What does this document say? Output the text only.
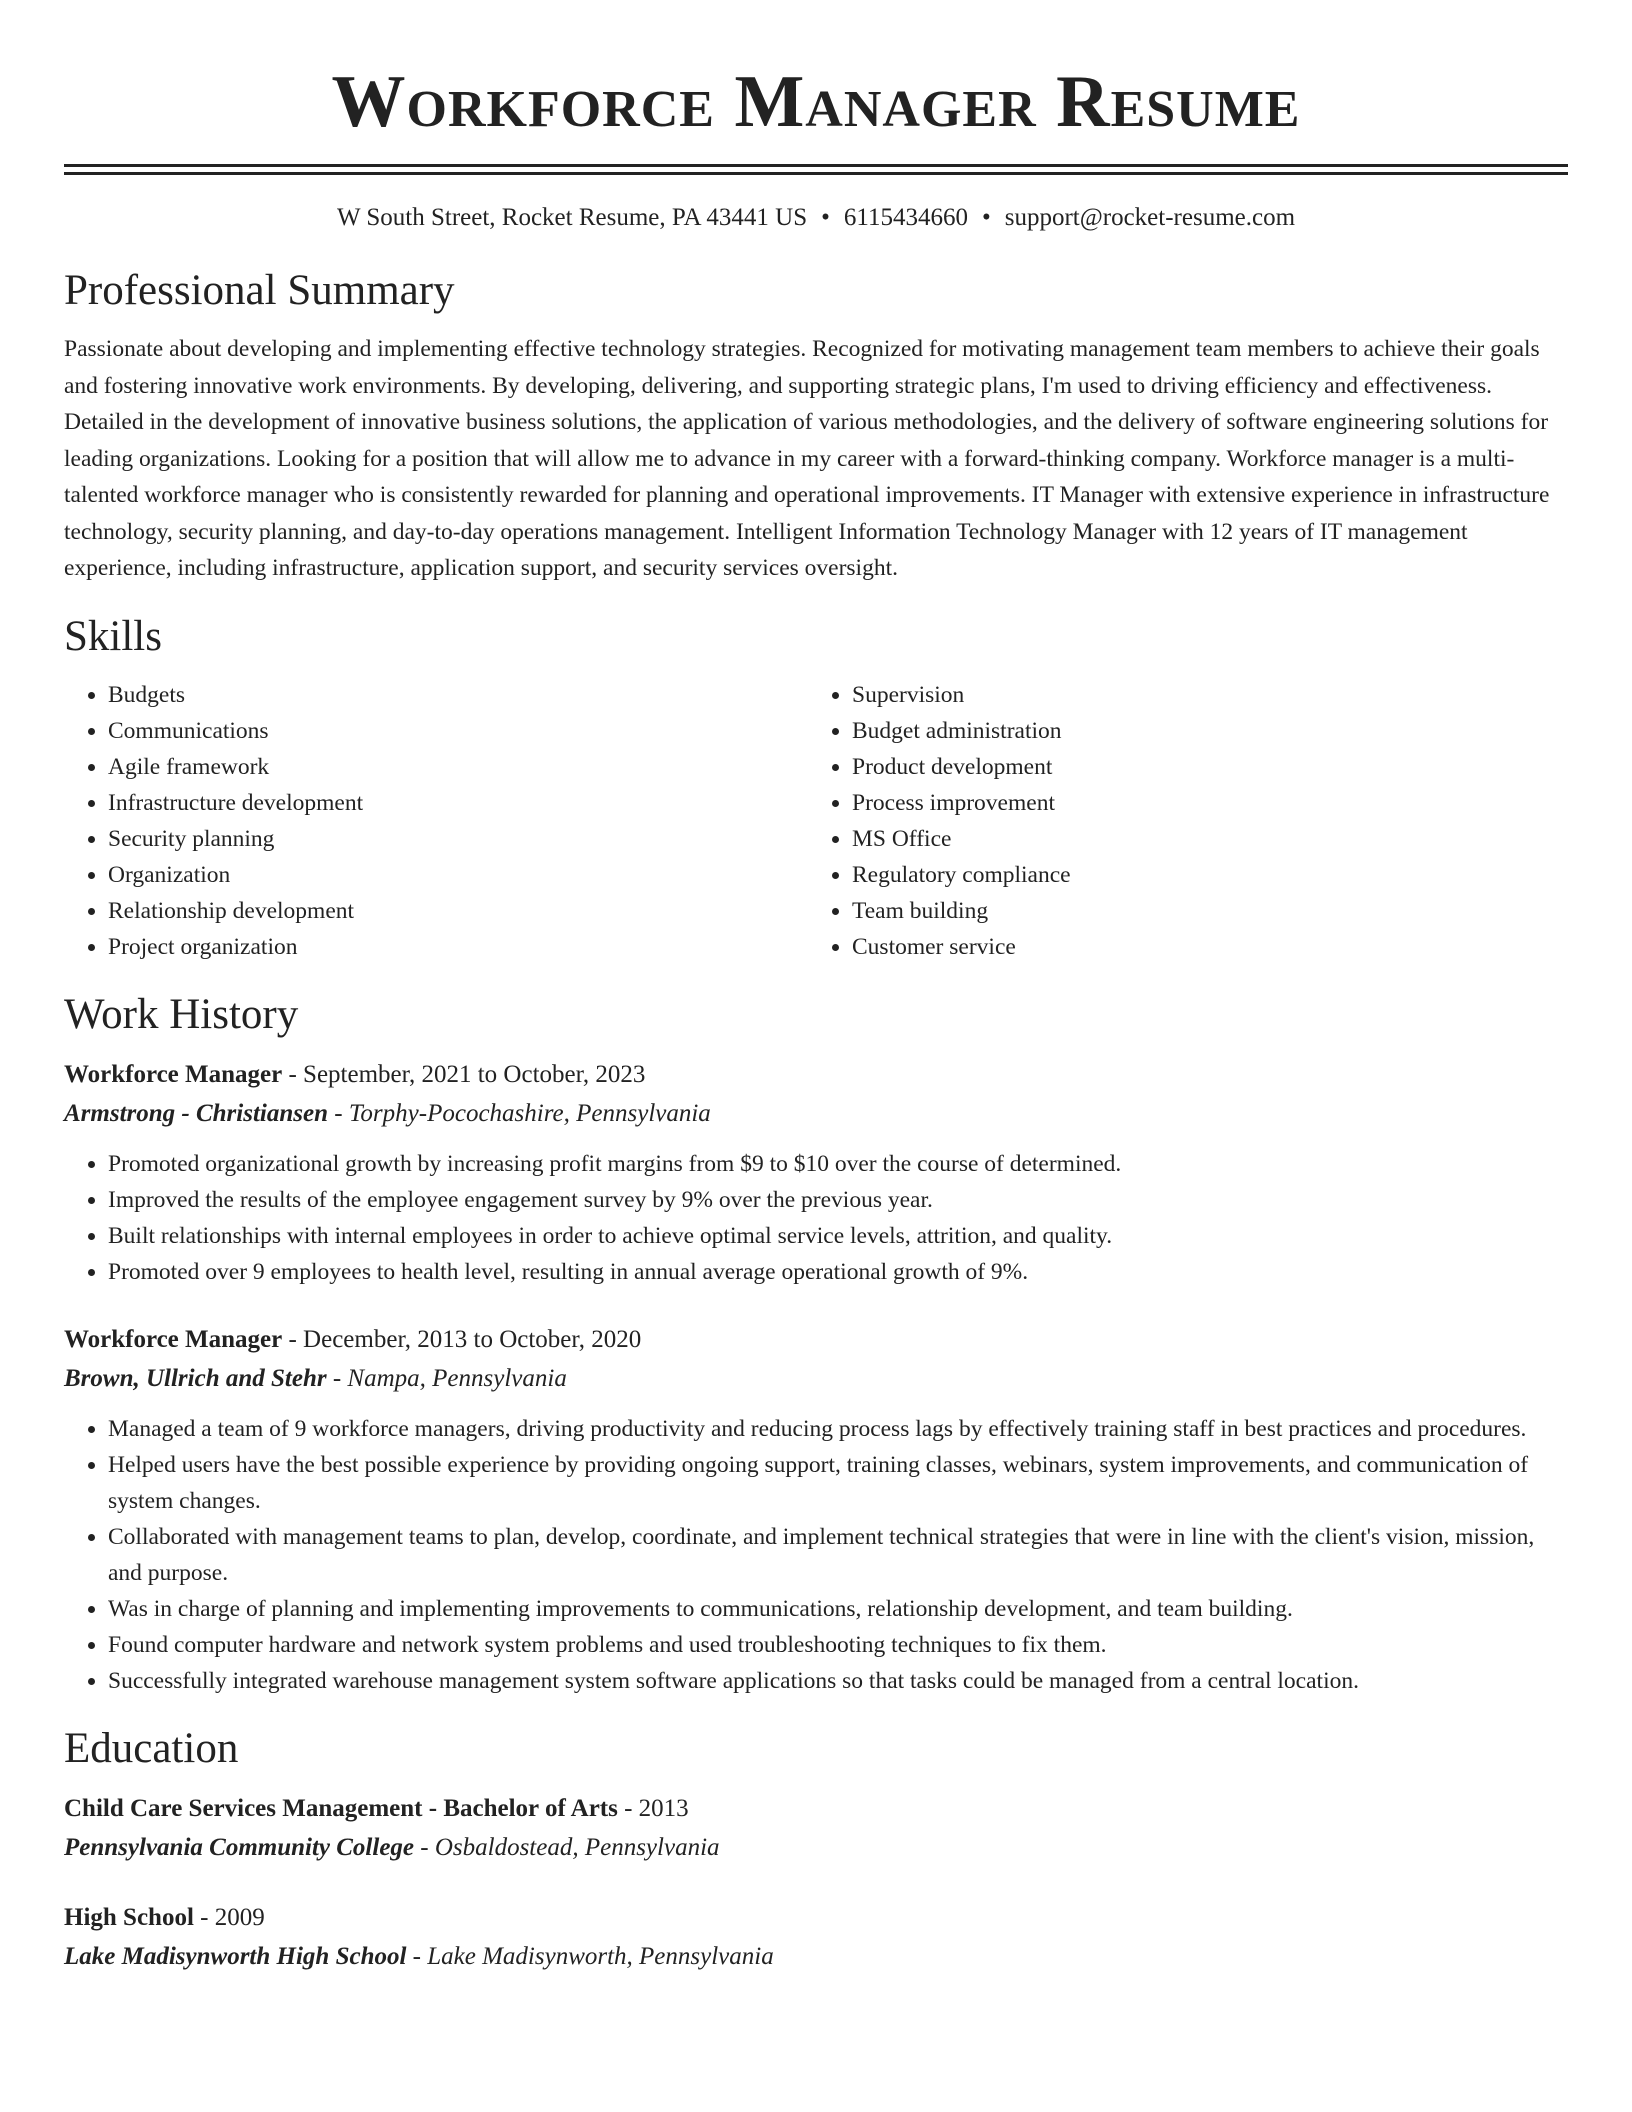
Workforce Manager Resume
W South Street, Rocket Resume, PA 43441 US • 6115434660 • support@rocket-resume.com
Professional Summary

Passionate about developing and implementing effective technology strategies. Recognized for motivating management team members to achieve their goals and fostering innovative work environments. By developing, delivering, and supporting strategic plans, I'm used to driving efficiency and effectiveness. Detailed in the development of innovative business solutions, the application of various methodologies, and the delivery of software engineering solutions for leading organizations. Looking for a position that will allow me to advance in my career with a forward-thinking company. Workforce manager is a multi-talented workforce manager who is consistently rewarded for planning and operational improvements. IT Manager with extensive experience in infrastructure technology, security planning, and day-to-day operations management. Intelligent Information Technology Manager with 12 years of IT management experience, including infrastructure, application support, and security services oversight.

Skills
• Budgets
• Communications
• Agile framework
• Infrastructure development
• Security planning
• Organization
• Relationship development
• Project organization
• Supervision
• Budget administration
• Product development
• Process improvement
• MS Office
• Regulatory compliance
• Team building
• Customer service
Work History
Workforce Manager - September, 2021 to October, 2023
Armstrong - Christiansen - Torphy-Pocochashire, Pennsylvania
• Promoted organizational growth by increasing profit margins from $9 to $10 over the course of determined.
• Improved the results of the employee engagement survey by 9% over the previous year.
• Built relationships with internal employees in order to achieve optimal service levels, attrition, and quality.
• Promoted over 9 employees to health level, resulting in annual average operational growth of 9%.
Workforce Manager - December, 2013 to October, 2020
Brown, Ullrich and Stehr - Nampa, Pennsylvania
• Managed a team of 9 workforce managers, driving productivity and reducing process lags by effectively training staff in best practices and procedures.
• Helped users have the best possible experience by providing ongoing support, training classes, webinars, system improvements, and communication of system changes.
• Collaborated with management teams to plan, develop, coordinate, and implement technical strategies that were in line with the client's vision, mission, and purpose.
• Was in charge of planning and implementing improvements to communications, relationship development, and team building.
• Found computer hardware and network system problems and used troubleshooting techniques to fix them.
• Successfully integrated warehouse management system software applications so that tasks could be managed from a central location.
Education
Child Care Services Management - Bachelor of Arts - 2013
Pennsylvania Community College - Osbaldostead, Pennsylvania
High School - 2009
Lake Madisynworth High School - Lake Madisynworth, Pennsylvania
